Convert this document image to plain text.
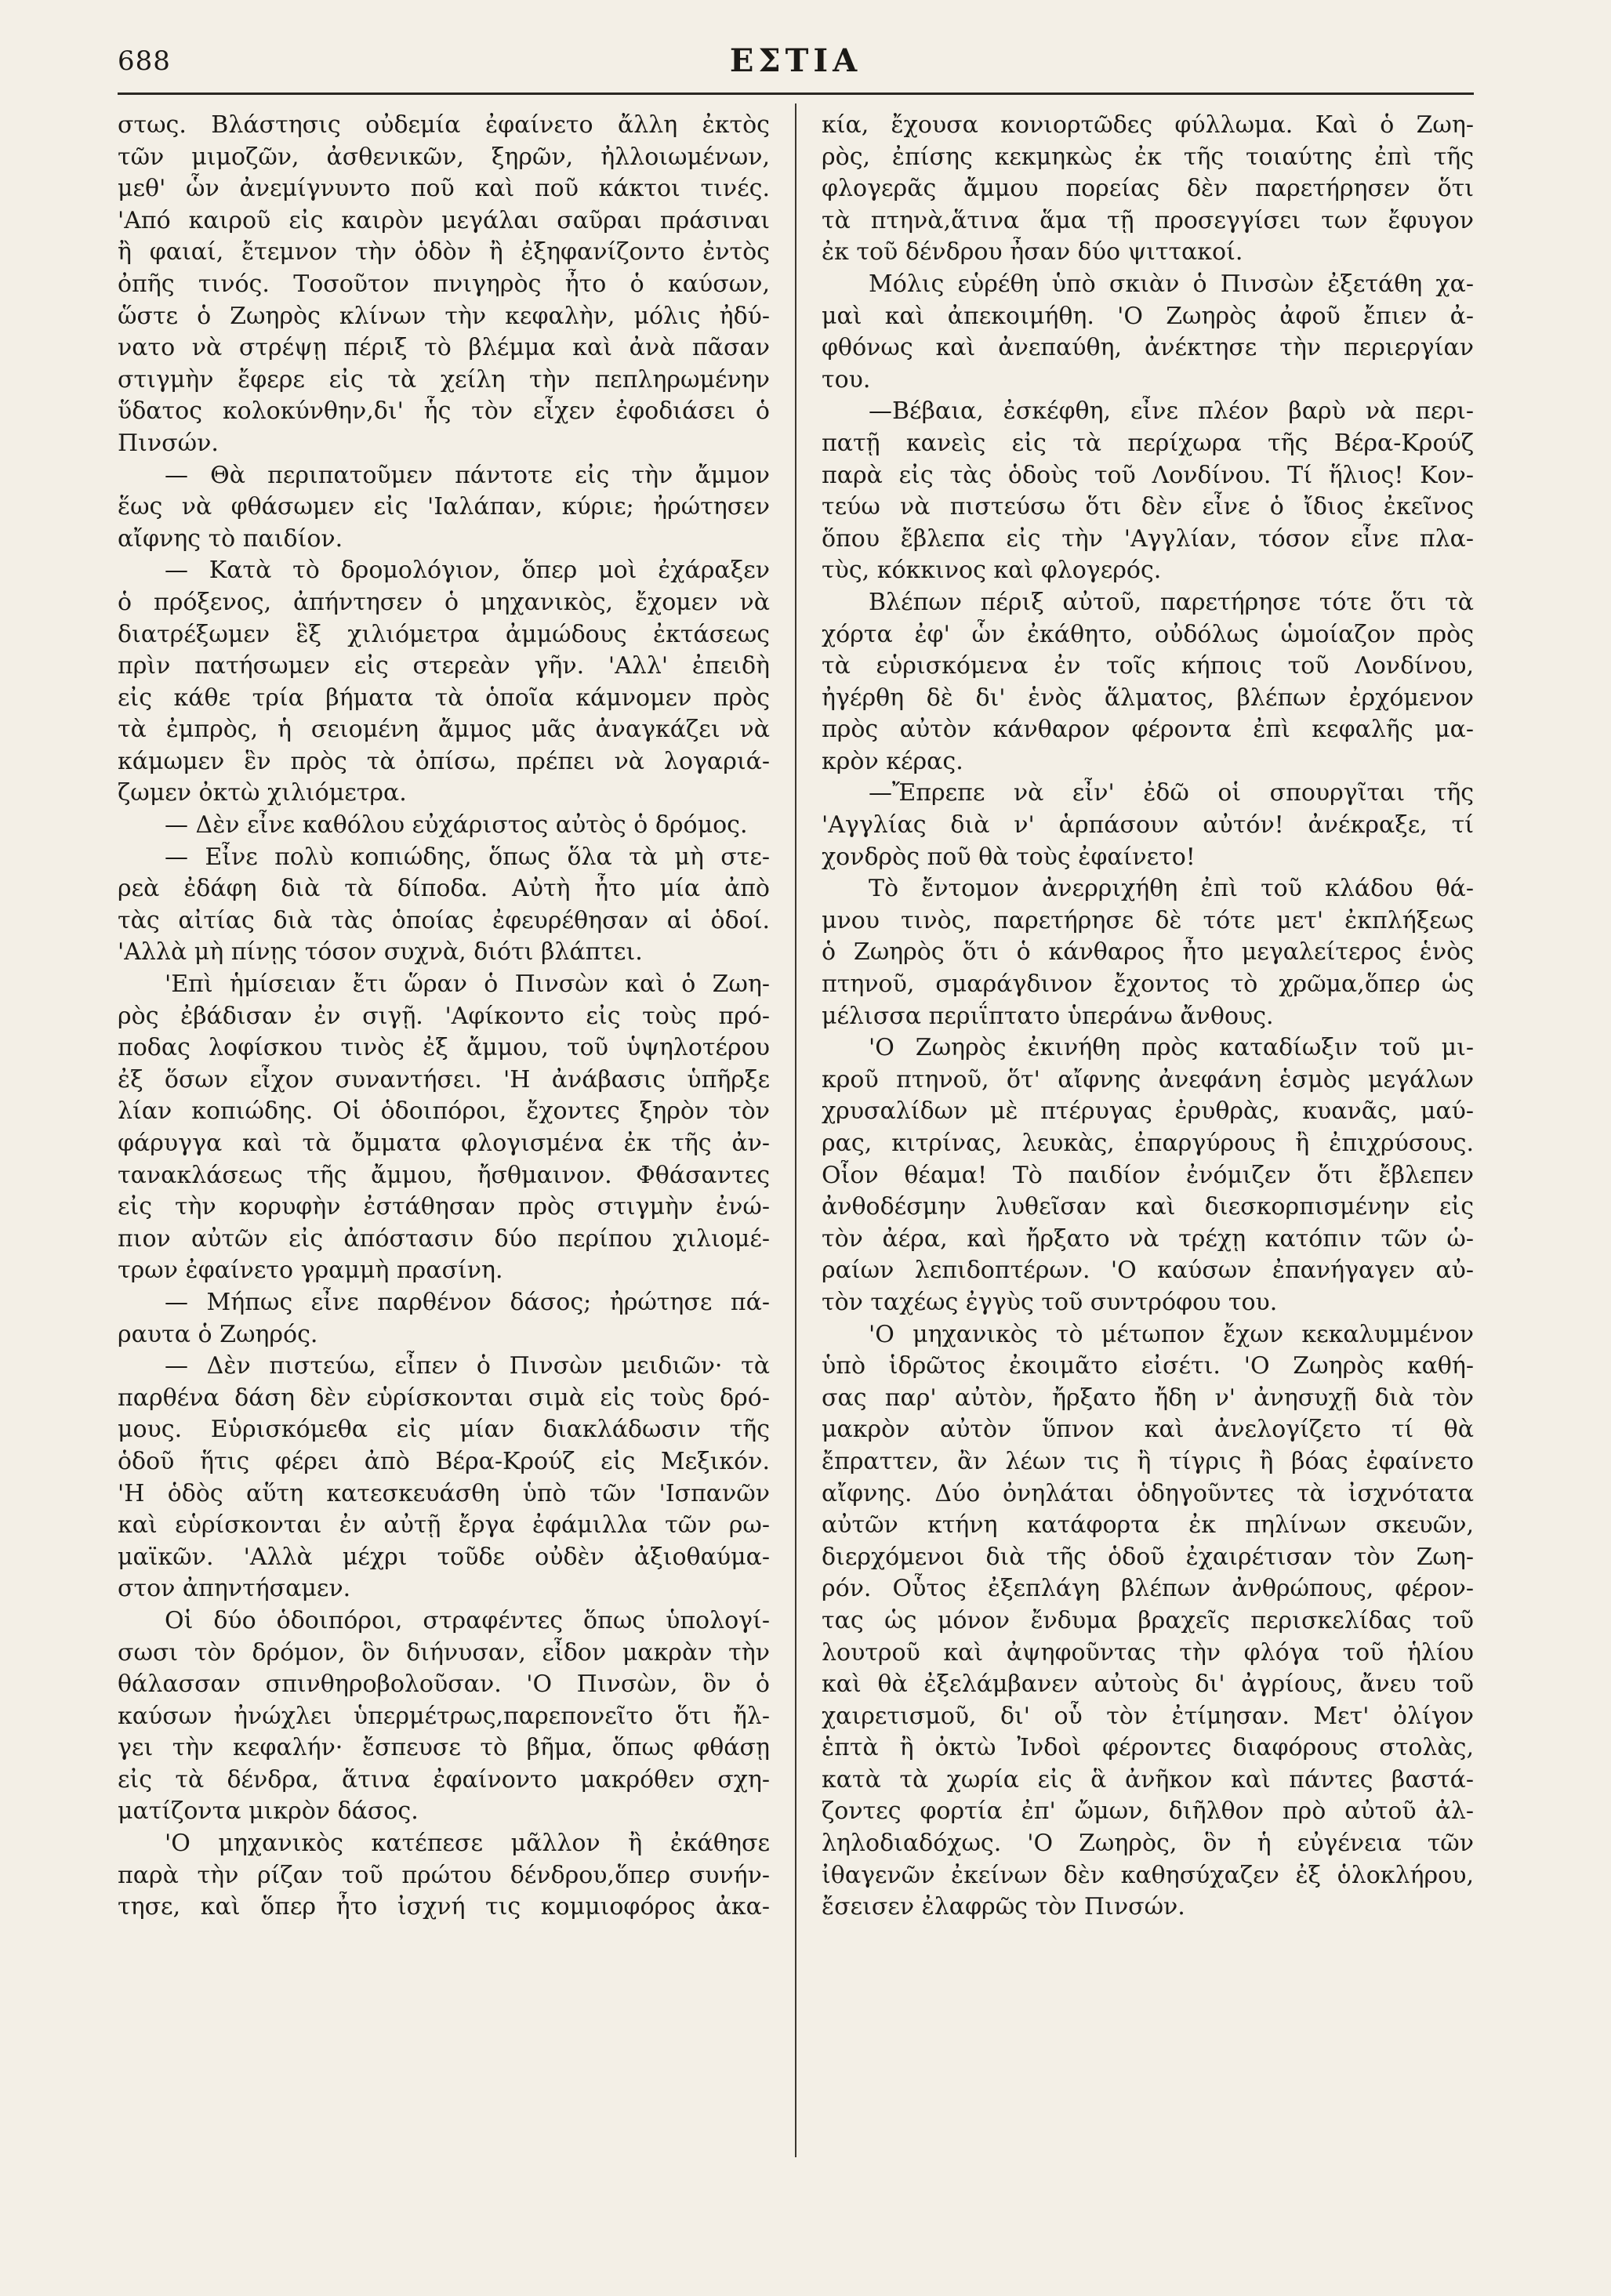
688	ΕΣΤΙΑ
στως. Βλάστησις οὐδεμία ἐφαίνετο ἄλλη ἐκτὸς
τῶν μιμοζῶν, ἀσθενικῶν, ξηρῶν, ἠλλοιωμένων,
μεθ' ὧν ἀνεμίγνυντο ποῦ καὶ ποῦ κάκτοι τινές.
'Από καιροῦ εἰς καιρὸν μεγάλαι σαῦραι πράσιναι
ἢ φαιαί, ἔτεμνον τὴν ὁδὸν ἢ ἐξηφανίζοντο ἐντὸς
ὀπῆς τινός. Τοσοῦτον πνιγηρὸς ἦτο ὁ καύσων,
ὥστε ὁ Ζωηρὸς κλίνων τὴν κεφαλὴν, μόλις ἠδύ-
νατο νὰ στρέψῃ πέριξ τὸ βλέμμα καὶ ἀνὰ πᾶσαν
στιγμὴν ἔφερε εἰς τὰ χείλη τὴν πεπληρωμένην
ὕδατος κολοκύνθην,δι' ἧς τὸν εἶχεν ἐφοδιάσει ὁ
Πινσών.
— Θὰ περιπατοῦμεν πάντοτε εἰς τὴν ἄμμον
ἕως νὰ φθάσωμεν εἰς 'Ιαλάπαν, κύριε; ἠρώτησεν
αἴφνης τὸ παιδίον.
— Κατὰ τὸ δρομολόγιον, ὅπερ μοὶ ἐχάραξεν
ὁ πρόξενος, ἀπήντησεν ὁ μηχανικὸς, ἔχομεν νὰ
διατρέξωμεν ἓξ χιλιόμετρα ἀμμώδους ἐκτάσεως
πρὶν πατήσωμεν εἰς στερεὰν γῆν. 'Αλλ' ἐπειδὴ
εἰς κάθε τρία βήματα τὰ ὁποῖα κάμνομεν πρὸς
τὰ ἐμπρὸς, ἡ σειομένη ἄμμος μᾶς ἀναγκάζει νὰ
κάμωμεν ἓν πρὸς τὰ ὀπίσω, πρέπει νὰ λογαριά-
ζωμεν ὀκτὼ χιλιόμετρα.
— Δὲν εἶνε καθόλου εὐχάριστος αὐτὸς ὁ δρόμος.
— Εἶνε πολὺ κοπιώδης, ὅπως ὅλα τὰ μὴ στε-
ρεὰ ἐδάφη διὰ τὰ δίποδα. Αὐτὴ ἦτο μία ἀπὸ
τὰς αἰτίας διὰ τὰς ὁποίας ἐφευρέθησαν αἱ ὁδοί.
'Αλλὰ μὴ πίνῃς τόσον συχνὰ, διότι βλάπτει.
'Επὶ ἡμίσειαν ἔτι ὥραν ὁ Πινσὼν καὶ ὁ Ζωη-
ρὸς ἐβάδισαν ἐν σιγῇ. 'Αφίκοντο εἰς τοὺς πρό-
ποδας λοφίσκου τινὸς ἐξ ἄμμου, τοῦ ὑψηλοτέρου
ἐξ ὅσων εἶχον συναντήσει. 'Η ἀνάβασις ὑπῆρξε
λίαν κοπιώδης. Οἱ ὁδοιπόροι, ἔχοντες ξηρὸν τὸν
φάρυγγα καὶ τὰ ὄμματα φλογισμένα ἐκ τῆς ἀν-
τανακλάσεως τῆς ἄμμου, ἤσθμαινον. Φθάσαντες
εἰς τὴν κορυφὴν ἐστάθησαν πρὸς στιγμὴν ἐνώ-
πιον αὐτῶν εἰς ἀπόστασιν δύο περίπου χιλιομέ-
τρων ἐφαίνετο γραμμὴ πρασίνη.
— Μήπως εἶνε παρθένον δάσος; ἠρώτησε πά-
ραυτα ὁ Ζωηρός.
— Δὲν πιστεύω, εἶπεν ὁ Πινσὼν μειδιῶν· τὰ
παρθένα δάση δὲν εὑρίσκονται σιμὰ εἰς τοὺς δρό-
μους. Εὑρισκόμεθα εἰς μίαν διακλάδωσιν τῆς
ὁδοῦ ἥτις φέρει ἀπὸ Βέρα-Κρούζ εἰς Μεξικόν.
'Η ὁδὸς αὕτη κατεσκευάσθη ὑπὸ τῶν 'Ισπανῶν
καὶ εὑρίσκονται ἐν αὐτῇ ἔργα ἐφάμιλλα τῶν ρω-
μαϊκῶν. 'Αλλὰ μέχρι τοῦδε οὐδὲν ἀξιοθαύμα-
στον ἀπηντήσαμεν.
Οἱ δύο ὁδοιπόροι, στραφέντες ὅπως ὑπολογί-
σωσι τὸν δρόμον, ὃν διήνυσαν, εἶδον μακρὰν τὴν
θάλασσαν σπινθηροβολοῦσαν. 'Ο Πινσὼν, ὃν ὁ
καύσων ἠνώχλει ὑπερμέτρως,παρεπονεῖτο ὅτι ἤλ-
γει τὴν κεφαλήν· ἔσπευσε τὸ βῆμα, ὅπως φθάσῃ
εἰς τὰ δένδρα, ἅτινα ἐφαίνοντο μακρόθεν σχη-
ματίζοντα μικρὸν δάσος.
'Ο μηχανικὸς κατέπεσε μᾶλλον ἢ ἐκάθησε
παρὰ τὴν ρίζαν τοῦ πρώτου δένδρου,ὅπερ συνήν-
τησε, καὶ ὅπερ ἦτο ἰσχνή τις κομμιοφόρος ἀκα-
κία, ἔχουσα κονιορτῶδες φύλλωμα. Καὶ ὁ Ζωη-
ρὸς, ἐπίσης κεκμηκὼς ἐκ τῆς τοιαύτης ἐπὶ τῆς
φλογερᾶς ἄμμου πορείας δὲν παρετήρησεν ὅτι
τὰ πτηνὰ,ἅτινα ἅμα τῇ προσεγγίσει των ἔφυγον
ἐκ τοῦ δένδρου ἦσαν δύο ψιττακοί.
Μόλις εὑρέθη ὑπὸ σκιὰν ὁ Πινσὼν ἐξετάθη χα-
μαὶ καὶ ἀπεκοιμήθη. 'Ο Ζωηρὸς ἀφοῦ ἔπιεν ἀ-
φθόνως καὶ ἀνεπαύθη, ἀνέκτησε τὴν περιεργίαν
του.
—Βέβαια, ἐσκέφθη, εἶνε πλέον βαρὺ νὰ περι-
πατῇ κανεὶς εἰς τὰ περίχωρα τῆς Βέρα-Κρούζ
παρὰ εἰς τὰς ὁδοὺς τοῦ Λονδίνου. Τί ἥλιος! Κον-
τεύω νὰ πιστεύσω ὅτι δὲν εἶνε ὁ ἴδιος ἐκεῖνος
ὅπου ἔβλεπα εἰς τὴν 'Αγγλίαν, τόσον εἶνε πλα-
τὺς, κόκκινος καὶ φλογερός.
Βλέπων πέριξ αὐτοῦ, παρετήρησε τότε ὅτι τὰ
χόρτα ἐφ' ὧν ἐκάθητο, οὐδόλως ὡμοίαζον πρὸς
τὰ εὑρισκόμενα ἐν τοῖς κήποις τοῦ Λονδίνου,
ἠγέρθη δὲ δι' ἑνὸς ἅλματος, βλέπων ἐρχόμενον
πρὸς αὐτὸν κάνθαρον φέροντα ἐπὶ κεφαλῆς μα-
κρὸν κέρας.
—Ἔπρεπε νὰ εἶν' ἐδῶ οἱ σπουργῖται τῆς
'Αγγλίας διὰ ν' ἁρπάσουν αὐτόν! ἀνέκραξε, τί
χονδρὸς ποῦ θὰ τοὺς ἐφαίνετο!
Τὸ ἔντομον ἀνερριχήθη ἐπὶ τοῦ κλάδου θά-
μνου τινὸς, παρετήρησε δὲ τότε μετ' ἐκπλήξεως
ὁ Ζωηρὸς ὅτι ὁ κάνθαρος ἦτο μεγαλείτερος ἑνὸς
πτηνοῦ, σμαράγδινον ἔχοντος τὸ χρῶμα,ὅπερ ὡς
μέλισσα περιΐπτατο ὑπεράνω ἄνθους.
'Ο Ζωηρὸς ἐκινήθη πρὸς καταδίωξιν τοῦ μι-
κροῦ πτηνοῦ, ὅτ' αἴφνης ἀνεφάνη ἑσμὸς μεγάλων
χρυσαλίδων μὲ πτέρυγας ἐρυθρὰς, κυανᾶς, μαύ-
ρας, κιτρίνας, λευκὰς, ἐπαργύρους ἢ ἐπιχρύσους.
Οἷον θέαμα! Τὸ παιδίον ἐνόμιζεν ὅτι ἔβλεπεν
ἀνθοδέσμην λυθεῖσαν καὶ διεσκορπισμένην εἰς
τὸν ἀέρα, καὶ ἤρξατο νὰ τρέχῃ κατόπιν τῶν ὡ-
ραίων λεπιδοπτέρων. 'Ο καύσων ἐπανήγαγεν αὐ-
τὸν ταχέως ἐγγὺς τοῦ συντρόφου του.
'Ο μηχανικὸς τὸ μέτωπον ἔχων κεκαλυμμένον
ὑπὸ ἱδρῶτος ἐκοιμᾶτο εἰσέτι. 'Ο Ζωηρὸς καθή-
σας παρ' αὐτὸν, ἤρξατο ἤδη ν' ἀνησυχῇ διὰ τὸν
μακρὸν αὐτὸν ὕπνον καὶ ἀνελογίζετο τί θὰ
ἔπραττεν, ἂν λέων τις ἢ τίγρις ἢ βόας ἐφαίνετο
αἴφνης. Δύο ὀνηλάται ὁδηγοῦντες τὰ ἰσχνότατα
αὐτῶν κτήνη κατάφορτα ἐκ πηλίνων σκευῶν,
διερχόμενοι διὰ τῆς ὁδοῦ ἐχαιρέτισαν τὸν Ζωη-
ρόν. Οὗτος ἐξεπλάγη βλέπων ἀνθρώπους, φέρον-
τας ὡς μόνον ἔνδυμα βραχεῖς περισκελίδας τοῦ
λουτροῦ καὶ ἀψηφοῦντας τὴν φλόγα τοῦ ἡλίου
καὶ θὰ ἐξελάμβανεν αὐτοὺς δι' ἀγρίους, ἄνευ τοῦ
χαιρετισμοῦ, δι' οὗ τὸν ἐτίμησαν. Μετ' ὀλίγον
ἑπτὰ ἢ ὀκτὼ Ἰνδοὶ φέροντες διαφόρους στολὰς,
κατὰ τὰ χωρία εἰς ἃ ἀνῆκον καὶ πάντες βαστά-
ζοντες φορτία ἐπ' ὤμων, διῆλθον πρὸ αὐτοῦ ἀλ-
ληλοδιαδόχως. 'Ο Ζωηρὸς, ὃν ἡ εὐγένεια τῶν
ἰθαγενῶν ἐκείνων δὲν καθησύχαζεν ἐξ ὁλοκλήρου,
ἔσεισεν ἐλαφρῶς τὸν Πινσών.
